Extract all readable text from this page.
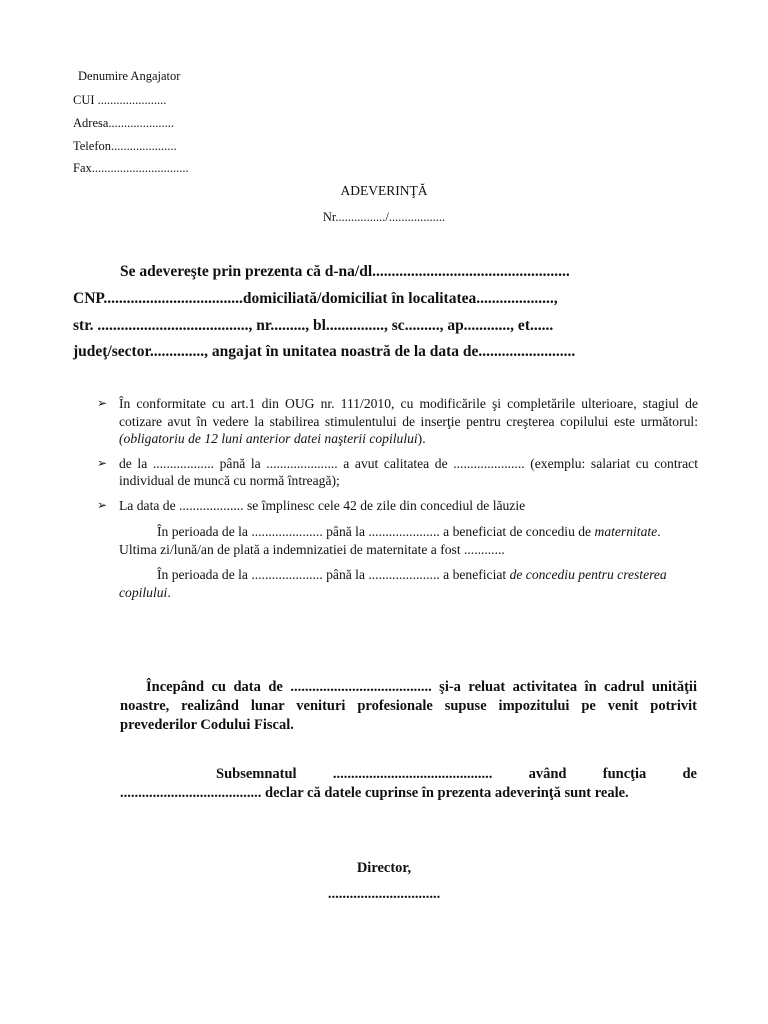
Denumire Angajator
CUI ......................
Adresa.....................
Telefon.....................
Fax...............................
ADEVERINŢĂ
Nr................/..................
Se adevereşte prin prezenta că d-na/dl...................................................
CNP....................................domiciliată/domiciliat în localitatea....................,
str. ......................................., nr........., bl..............., sc........., ap............, et......
judeţ/sector.............., angajat în unitatea noastră de la data de.........................
➢ În conformitate cu art.1 din OUG nr. 111/2010, cu modificările şi completările ulterioare, stagiul de cotizare avut în vedere la stabilirea stimulentului de inserţie pentru creşterea copilului este următorul:(obligatoriu de 12 luni anterior datei naşterii copilului).
➢ de la .................. până la ..................... a avut calitatea de ..................... (exemplu: salariat cu contract individual de muncă cu normă întreagă);
➢ La data de ................... se împlinesc cele 42 de zile din concediul de lăuzie
În perioada de la ..................... până la ..................... a beneficiat de concediu de maternitate. Ultima zi/lună/an de plată a indemnizatiei de maternitate a fost ............
În perioada de la ..................... până la ..................... a beneficiat de concediu pentru cresterea copilului.
Începând cu data de ....................................... şi-a reluat activitatea în cadrul unităţii noastre, realizând lunar venituri profesionale supuse impozitului pe venit potrivit prevederilor Codului Fiscal.
Subsemnatul ............................................ având funcţia de ....................................... declar că datele cuprinse în prezenta adeverinţă sunt reale.
Director,
...............................
